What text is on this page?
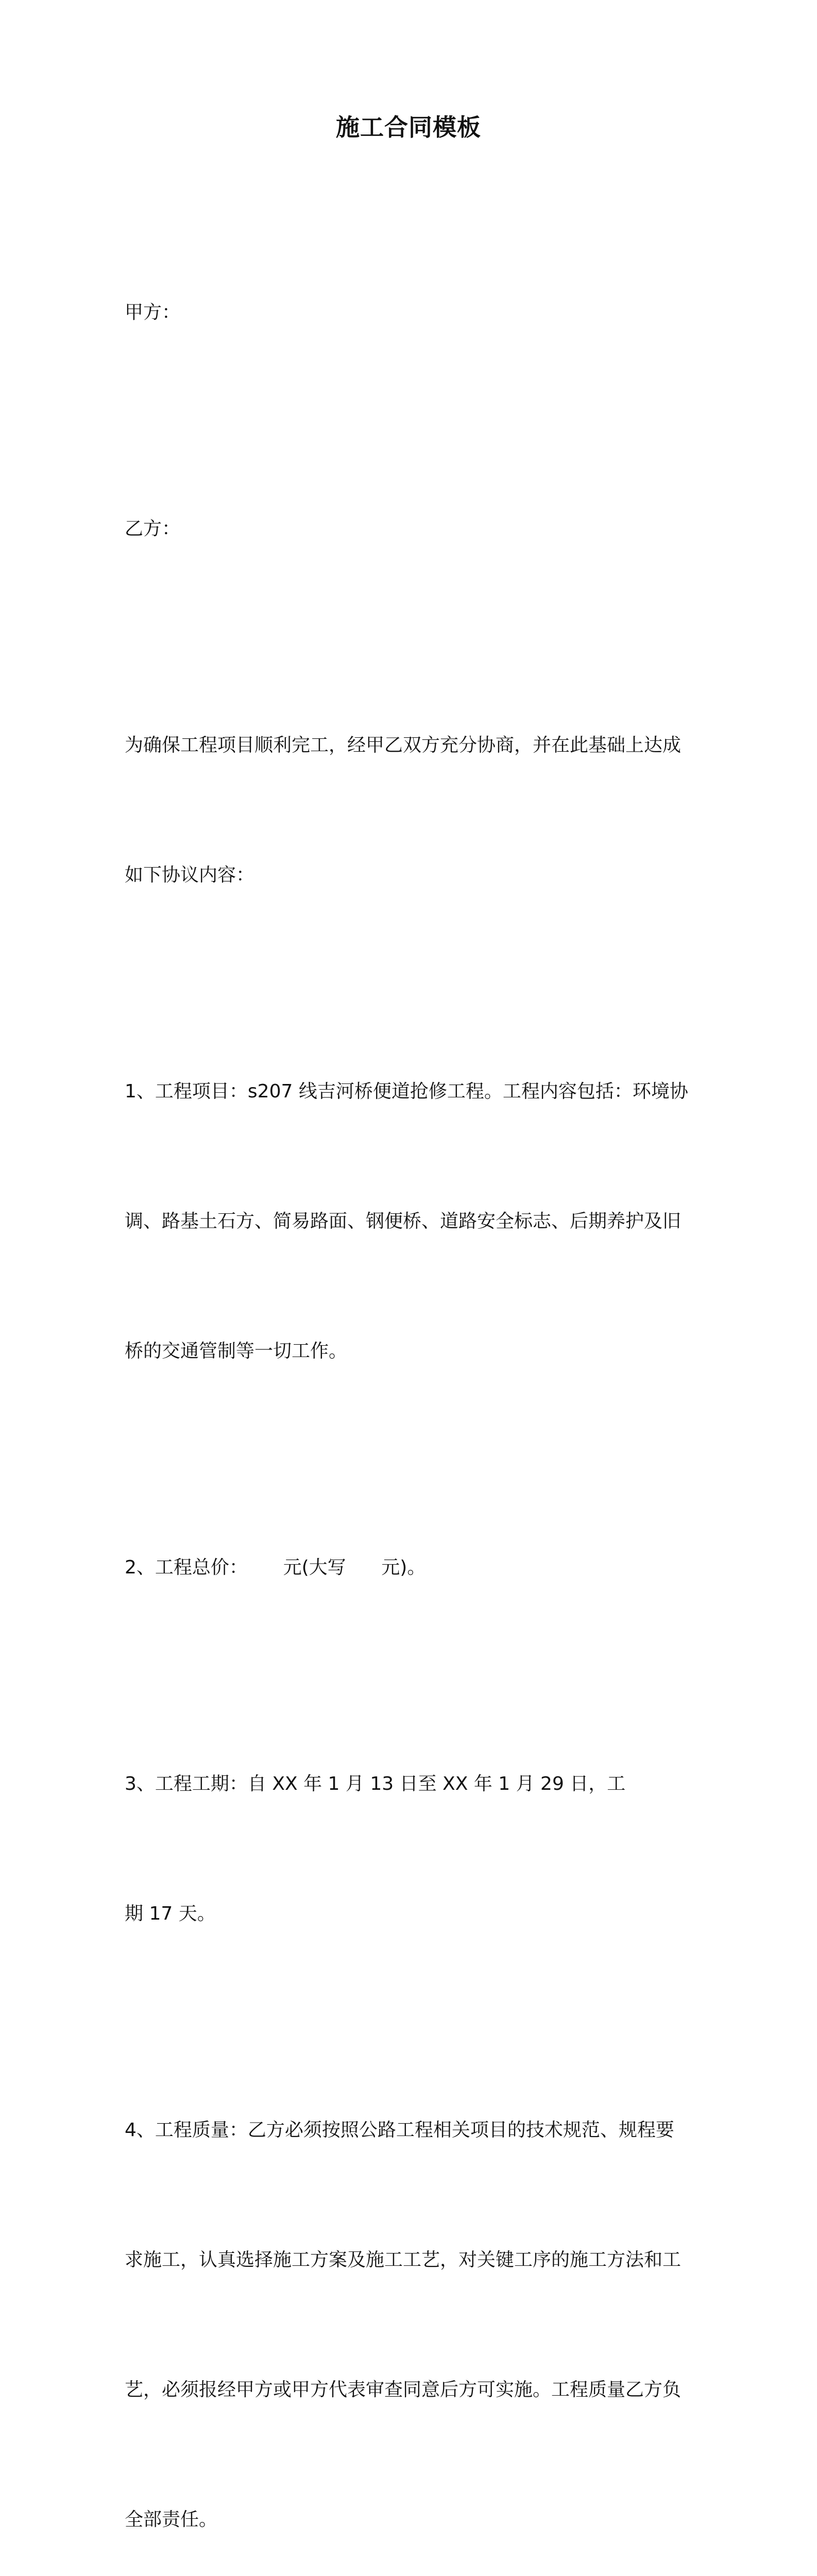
施工合同模板

甲方：

乙方：

为确保工程项目顺利完工，经甲乙双方充分协商，并在此基础上达成

如下协议内容：

1、工程项目：s207 线吉河桥便道抢修工程。工程内容包括：环境协

调、路基土石方、简易路面、钢便桥、道路安全标志、后期养护及旧

桥的交通管制等一切工作。

2、工程总价：      元(大写      元)。

3、工程工期：自 XX 年 1 月 13 日至 XX 年 1 月 29 日，工

期 17 天。

4、工程质量：乙方必须按照公路工程相关项目的技术规范、规程要

求施工，认真选择施工方案及施工工艺，对关键工序的施工方法和工

艺，必须报经甲方或甲方代表审查同意后方可实施。工程质量乙方负

全部责任。
